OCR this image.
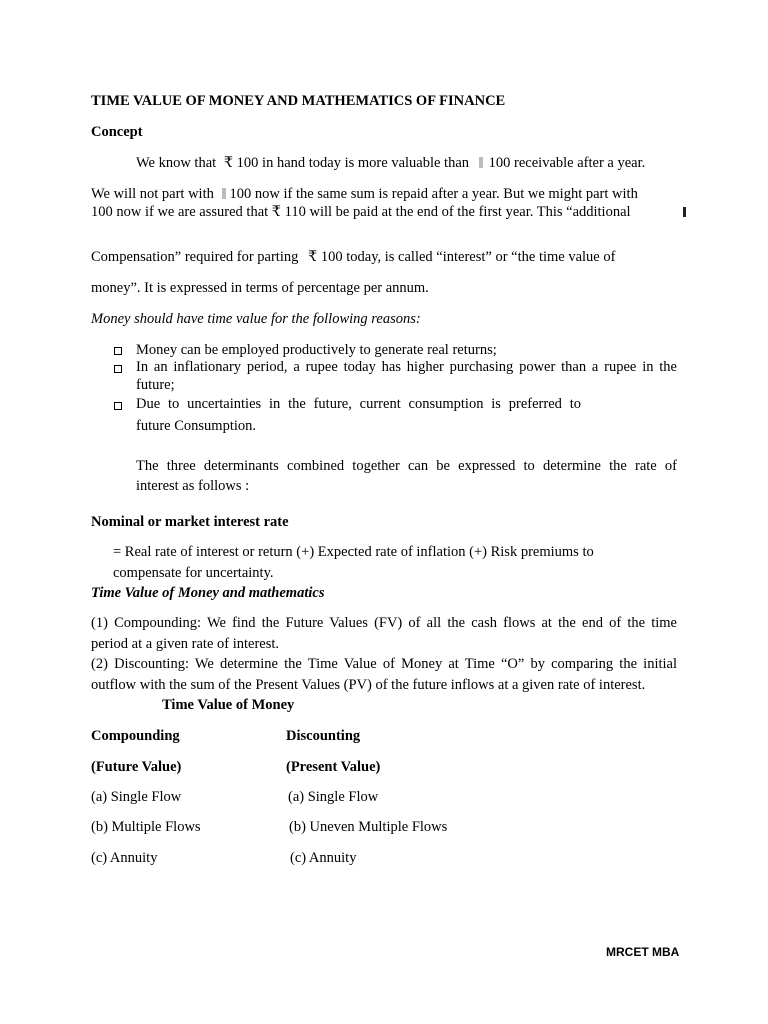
TIME VALUE OF MONEY AND MATHEMATICS OF FINANCE
Concept
We know that ₹ 100 in hand today is more valuable than 100 receivable after a year.
We will not part with 100 now if the same sum is repaid after a year. But we might part with
100 now if we are assured that ₹ 110 will be paid at the end of the first year. This “additional
Compensation” required for parting ₹ 100 today, is called “interest” or “the time value of
money”. It is expressed in terms of percentage per annum.
Money should have time value for the following reasons:
Money can be employed productively to generate real returns;
In an inflationary period, a rupee today has higher purchasing power than a rupee in the
future;
Due to uncertainties in the future, current consumption is preferred to
future Consumption.
The three determinants combined together can be expressed to determine the rate of
interest as follows :
Nominal or market interest rate
= Real rate of interest or return (+) Expected rate of inflation (+) Risk premiums to
compensate for uncertainty.
Time Value of Money and mathematics
(1) Compounding: We find the Future Values (FV) of all the cash flows at the end of the time
period at a given rate of interest.
(2) Discounting: We determine the Time Value of Money at Time “O” by comparing the initial
outflow with the sum of the Present Values (PV) of the future inflows at a given rate of interest.
Time Value of Money
Compounding	Discounting
(Future Value)	(Present Value)
(a) Single Flow	(a) Single Flow
(b) Multiple Flows	(b) Uneven Multiple Flows
(c) Annuity	(c) Annuity
MRCET MBA
